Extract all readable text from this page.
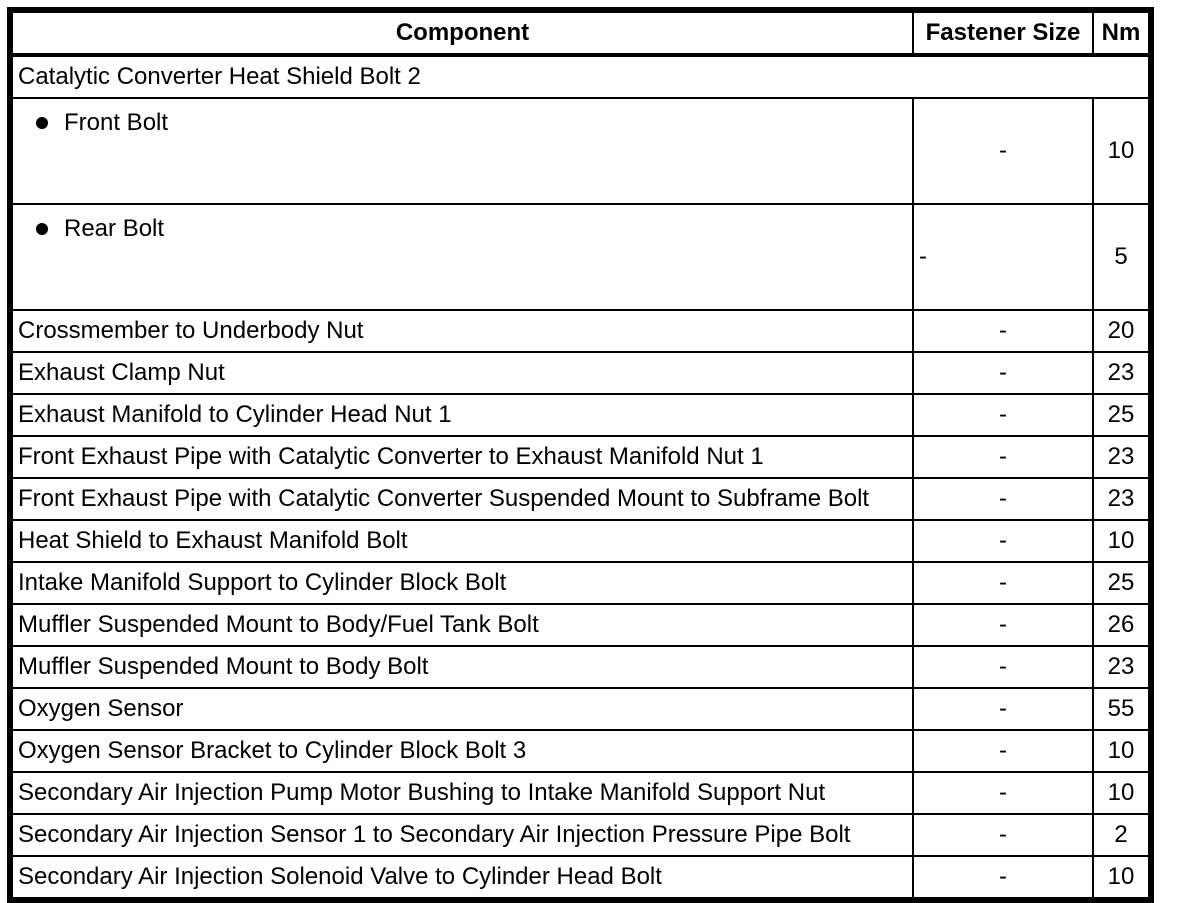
Component	Fastener Size	Nm
Catalytic Converter Heat Shield Bolt 2		

Front Bolt	-	10

Rear Bolt	-	5
Crossmember to Underbody Nut	-	20
Exhaust Clamp Nut	-	23
Exhaust Manifold to Cylinder Head Nut 1	-	25
Front Exhaust Pipe with Catalytic Converter to Exhaust Manifold Nut 1	-	23
Front Exhaust Pipe with Catalytic Converter Suspended Mount to Subframe Bolt	-	23
Heat Shield to Exhaust Manifold Bolt	-	10
Intake Manifold Support to Cylinder Block Bolt	-	25
Muffler Suspended Mount to Body/Fuel Tank Bolt	-	26
Muffler Suspended Mount to Body Bolt	-	23
Oxygen Sensor	-	55
Oxygen Sensor Bracket to Cylinder Block Bolt 3	-	10
Secondary Air Injection Pump Motor Bushing to Intake Manifold Support Nut	-	10
Secondary Air Injection Sensor 1 to Secondary Air Injection Pressure Pipe Bolt	-	2
Secondary Air Injection Solenoid Valve to Cylinder Head Bolt	-	10
